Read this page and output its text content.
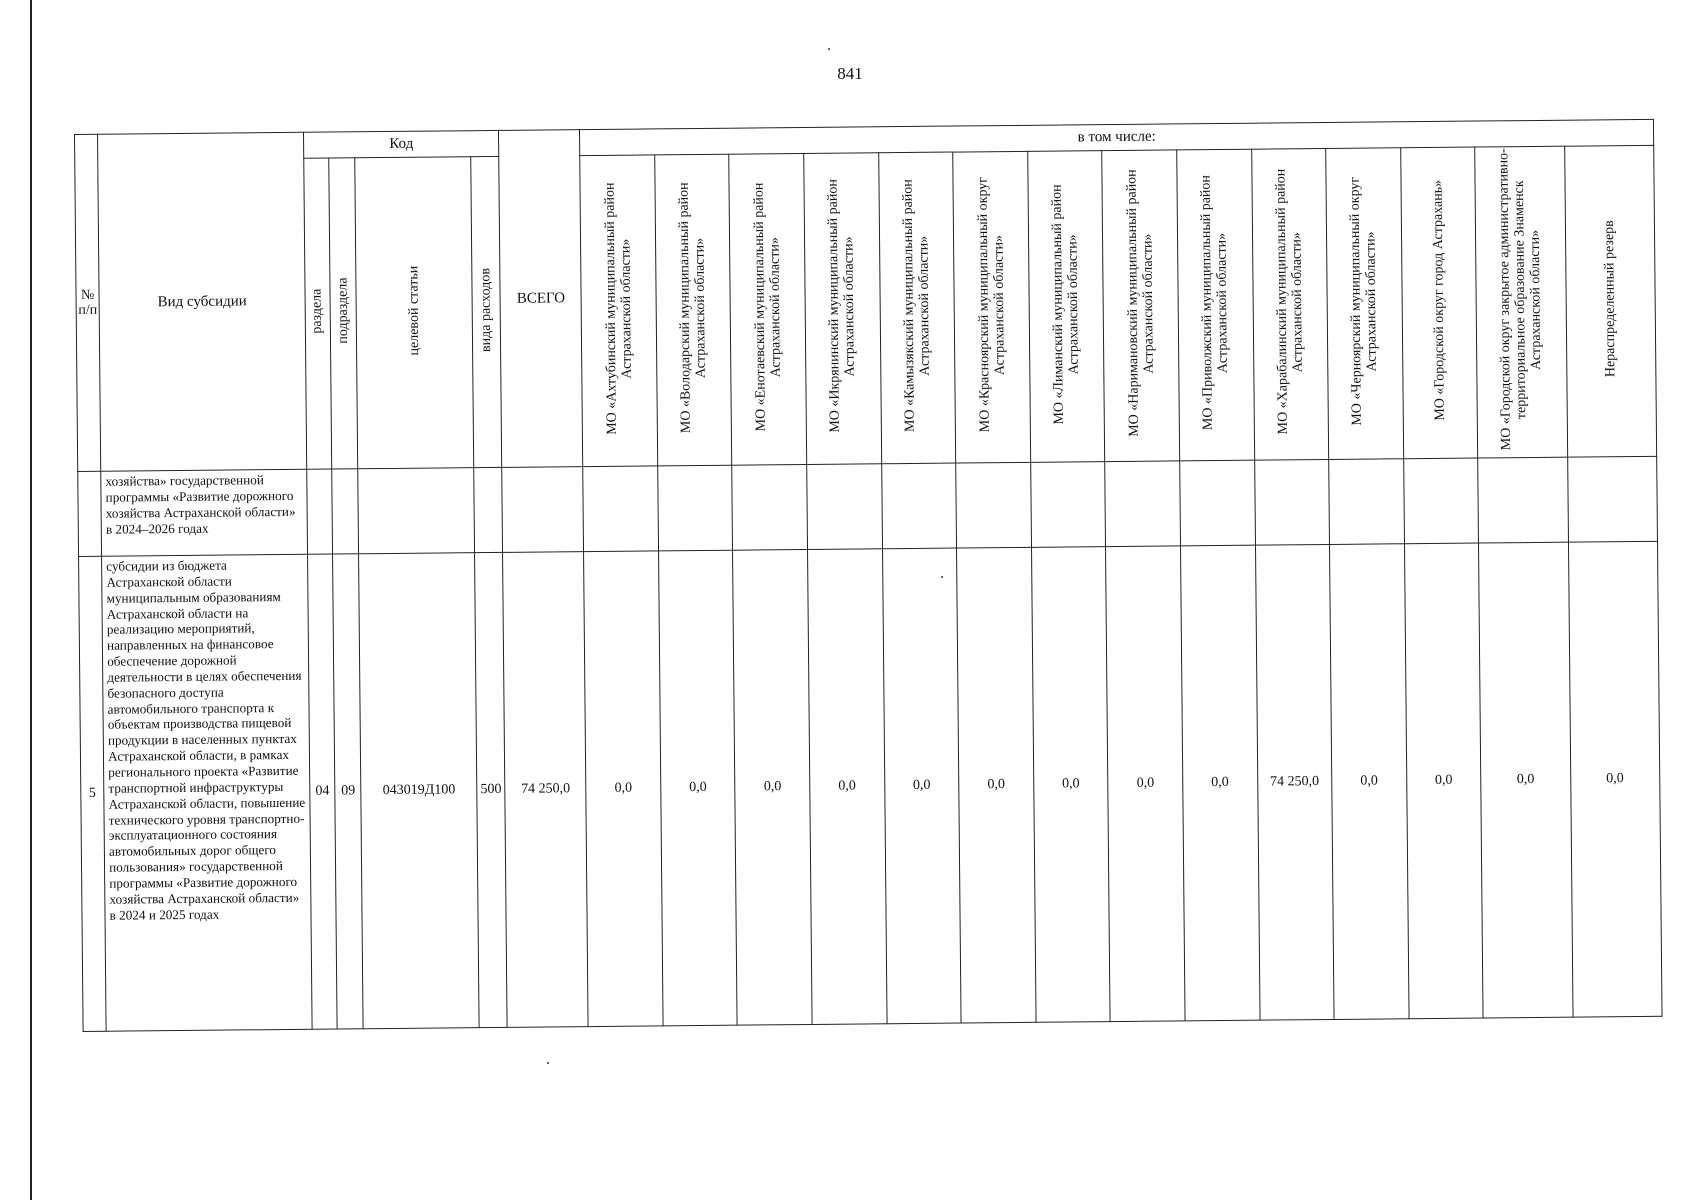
841
№ п/п	Вид субсидии	Код				ВСЕГО	в том числе:													
		раздела	подраздела	целевой статьи	вида расходов		МО «Ахтубинский муниципальный район Астраханской области»	МО «Володарский муниципальный район Астраханской области»	МО «Енотаевский муниципальный район Астраханской области»	МО «Икрянинский муниципальный район Астраханской области»	МО «Камызякский муниципальный район Астраханской области»	МО «Красноярский муниципальный округ Астраханской области»	МО «Лиманский муниципальный район Астраханской области»	МО «Наримановский муниципальный район Астраханской области»	МО «Приволжский муниципальный район Астраханской области»	МО «Харабалинский муниципальный район Астраханской области»	МО «Черноярский муниципальный округ Астраханской области»	МО «Городской округ город Астрахань»	МО «Городской округ закрытое административно-территориальное образование Знаменск Астраханской области»	Нераспределенный резерв
	хозяйства» государственной программы «Развитие дорожного хозяйства Астраханской области» в 2024–2026 годах																			
5	субсидии из бюджета Астраханской области муниципальным образованиям Астраханской области на реализацию мероприятий, направленных на финансовое обеспечение дорожной деятельности в целях обеспечения безопасного доступа автомобильного транспорта к объектам производства пищевой продукции в населенных пунктах Астраханской области, в рамках регионального проекта «Развитие транспортной инфраструктуры Астраханской области, повышение технического уровня транспортно-эксплуатационного состояния автомобильных дорог общего пользования» государственной программы «Развитие дорожного хозяйства Астраханской области» в 2024 и 2025 годах	04	09	043019Д100	500	74 250,0	0,0	0,0	0,0	0,0	0,0	0,0	0,0	0,0	0,0	74 250,0	0,0	0,0	0,0	0,0
